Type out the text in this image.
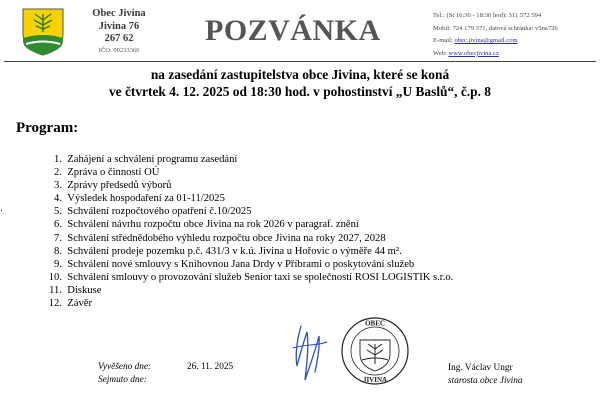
Obec Jivina
Jivina 76
267 62
IČO: 00233366
POZVÁNKA	Tel.: (St 16:30 - 18:30 hod): 311 572 594
Mobil: 724 179 371, datová schránka: v5na726
E-mail: obec.jivina@gmail.com
Web: www.obecjivina.cz
na zasedání zastupitelstva obce Jivina, které se koná
ve čtvrtek 4. 12. 2025 od 18:30 hod. v pohostinství „U Baslů“, č.p. 8
Program:
1.
Zahájení a schválení programu zasedání
2.
Zpráva o činnosti OÚ
3.
Zprávy předsedů výborů
4.
Výsledek hospodaření za 01-11/2025
5.
Schválení rozpočtového opatření č.10/2025
6.
Schválení návrhu rozpočtu obce Jivina na rok 2026 v paragraf. znění
7.
Schválení střednědobého výhledu rozpočtu obce Jivina na roky 2027, 2028
8.
Schválení prodeje pozemku p.č. 431/3 v k.ú. Jivina u Hořovic o výměře 44 m².
9.
Schválení nové smlouvy s Knihovnou Jana Drdy v Příbrami o poskytování služeb
10.
Schválení smlouvy o provozování služeb Senior taxi se společností ROSI LOGISTIK s.r.o.
11.
Diskuse
12.
Závěr
Vyvěšeno dne:
Sejmuto dne:
26. 11. 2025
OBEC
JIVINA
Ing. Václav Ungr
starosta obce Jivina
